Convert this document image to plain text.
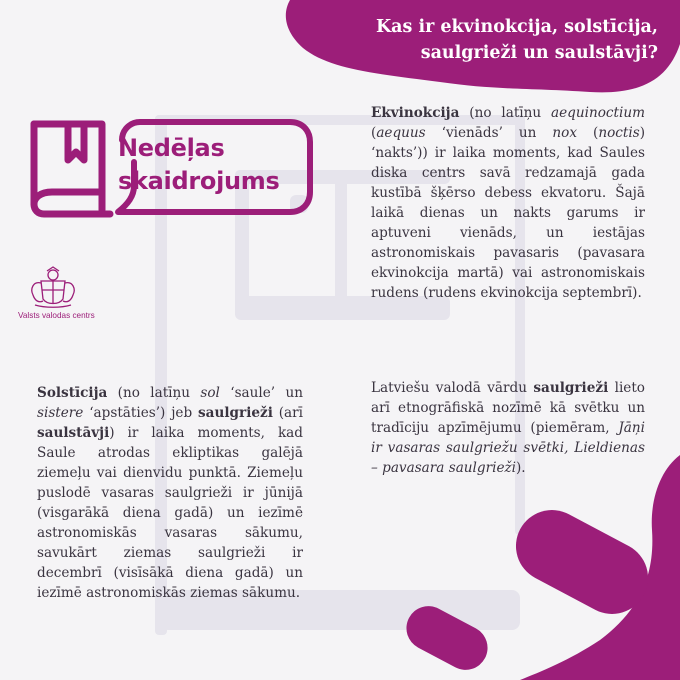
Kas ir ekvinokcija, solstīcija, saulgrieži un saulstāvji?
Nedēļas
skaidrojums
Valsts valodas centrs
Ekvinokcija (no latīņu aequinoctium (aequus ‘vienāds’ un nox (noctis) ‘nakts’)) ir laika moments, kad Saules diska centrs savā redzamajā gada kustībā šķērso debess ekvatoru. Šajā laikā dienas un nakts garums ir aptuveni vienāds, un iestājas astronomiskais pavasaris (pavasara ekvinokcija martā) vai astronomiskais rudens (rudens ekvinokcija septembrī).
Solstīcija (no latīņu sol ‘saule’ un sistere ‘apstāties’) jeb saulgrieži (arī saulstāvji) ir laika moments, kad Saule atrodas ekliptikas galējā ziemeļu vai dienvidu punktā. Ziemeļu puslodē vasaras saulgrieži ir jūnijā (visgarākā diena gadā) un iezīmē astronomiskās vasaras sākumu, savukārt ziemas saulgrieži ir decembrī (visīsākā diena gadā) un iezīmē astronomiskās ziemas sākumu.
Latviešu valodā vārdu saulgrieži lieto arī etnogrāfiskā nozīmē kā svētku un tradīciju apzīmējumu (piemēram, Jāņi ir vasaras saulgriežu svētki, Lieldienas – pavasara saulgrieži).
